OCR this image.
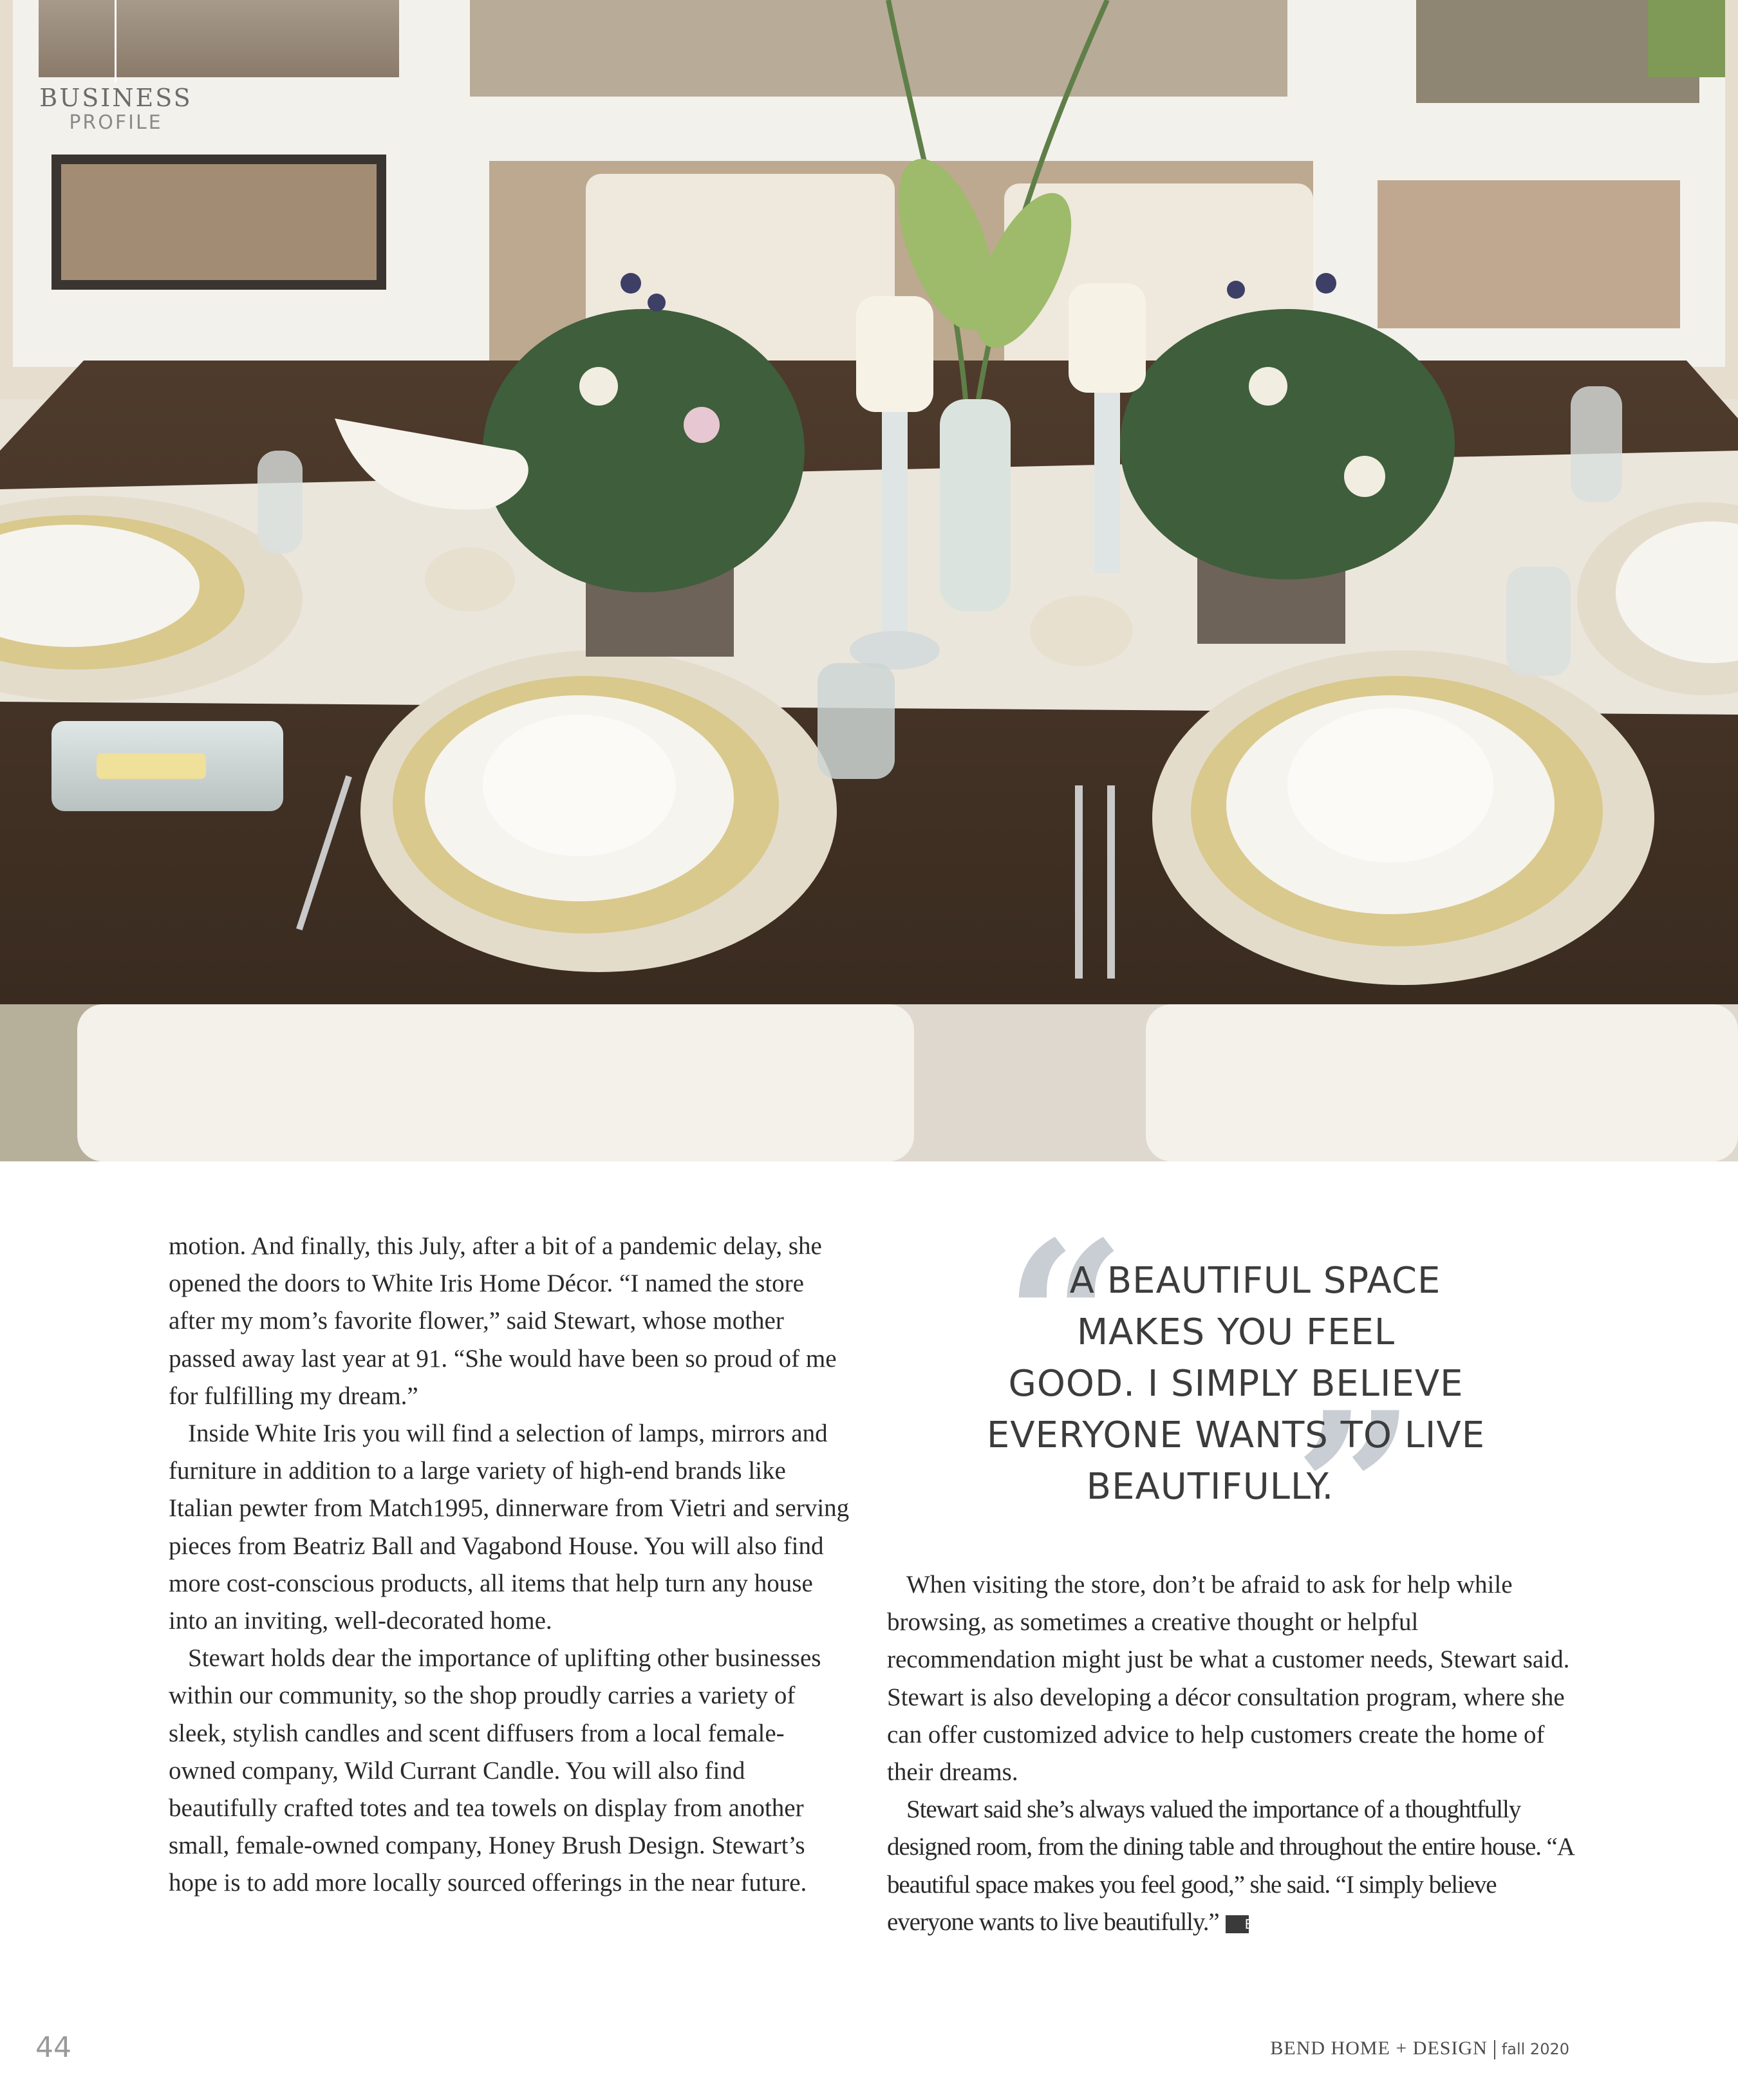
BUSINESS
PROFILE

motion. And finally, this July, after a bit of a pandemic delay, she opened the doors to White Iris Home Décor. “I named the store after my mom’s favorite flower,” said Stewart, whose mother passed away last year at 91. “She would have been so proud of me for fulfilling my dream.”

Inside White Iris you will find a selection of lamps, mirrors and furniture in addition to a large variety of high-end brands like Italian pewter from Match1995, dinnerware from Vietri and serving pieces from Beatriz Ball and Vagabond House. You will also find more cost-conscious products, all items that help turn any house into an inviting, well-decorated home.

Stewart holds dear the importance of uplifting other businesses within our community, so the shop proudly carries a variety of sleek, stylish candles and scent diffusers from a local female-owned company, Wild Currant Candle. You will also find beautifully crafted totes and tea towels on display from another small, female-owned company, Honey Brush Design. Stewart’s hope is to add more locally sourced offerings in the near future.

“
”
A BEAUTIFUL SPACE
MAKES YOU FEEL
GOOD. I SIMPLY BELIEVE
EVERYONE WANTS TO LIVE
BEAUTIFULLY.

When visiting the store, don’t be afraid to ask for help while browsing, as sometimes a creative thought or helpful recommendation might just be what a customer needs, Stewart said. Stewart is also developing a décor consultation program, where she can offer customized advice to help customers create the home of their dreams.

Stewart said she’s always valued the importance of a thoughtfully designed room, from the dining table and throughout the entire house. “A beautiful space makes you feel good,” she said. “I simply believe everyone wants to live beautifully.” BH

44	BEND HOME + DESIGN fall 2020
